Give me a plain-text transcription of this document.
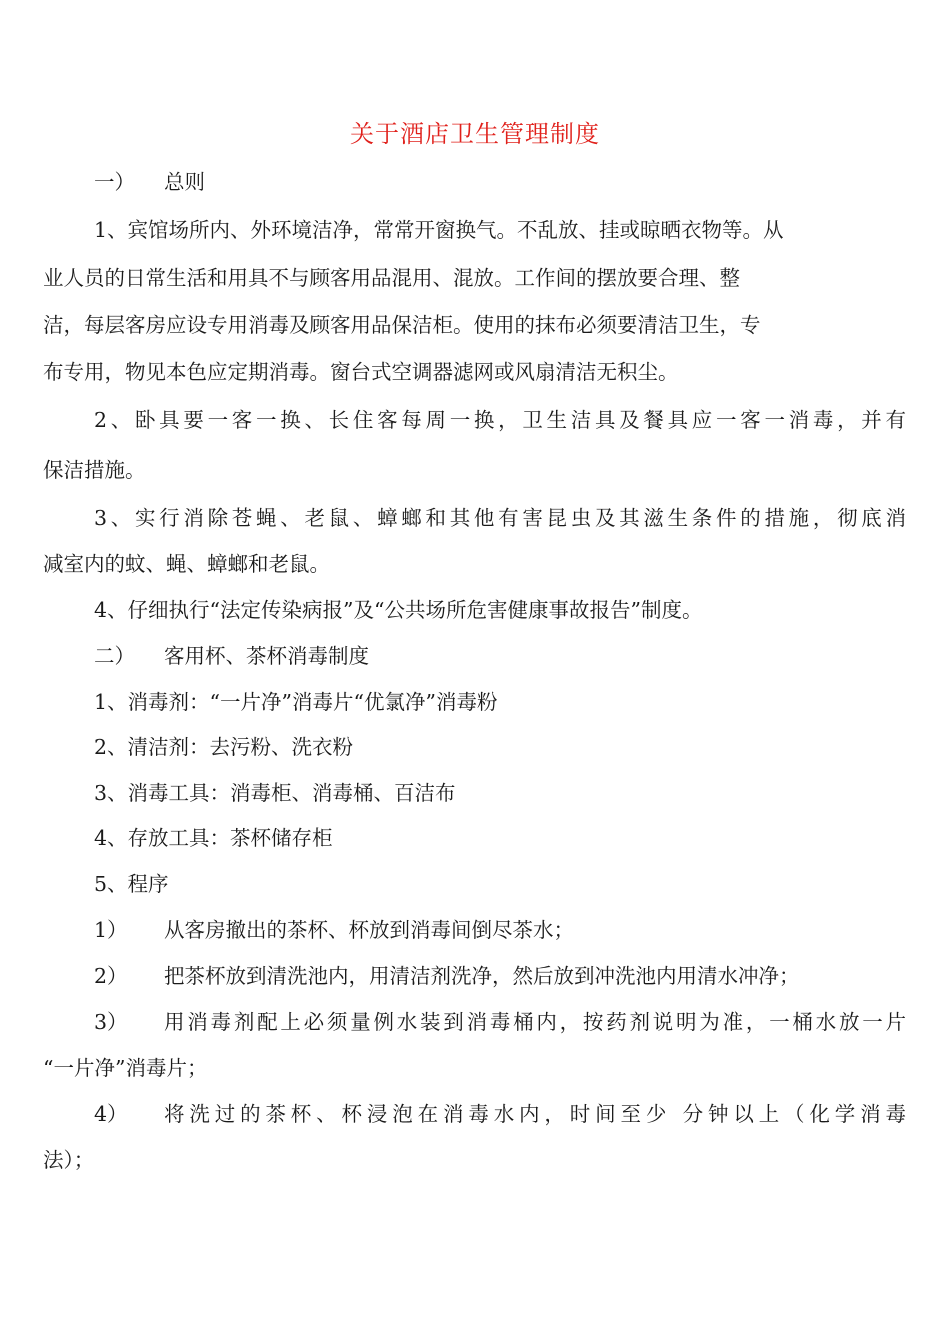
关于酒店卫生管理制度
一） 总则
1、宾馆场所内、外环境洁净，常常开窗换气。不乱放、挂或晾晒衣物等。从
业人员的日常生活和用具不与顾客用品混用、混放。工作间的摆放要合理、整
洁，每层客房应设专用消毒及顾客用品保洁柜。使用的抹布必须要清洁卫生，专
布专用，物见本色应定期消毒。窗台式空调器滤网或风扇清洁无积尘。
2、卧具要一客一换、长住客每周一换，卫生洁具及餐具应一客一消毒，并有
保洁措施。
3、实行消除苍蝇、老鼠、蟑螂和其他有害昆虫及其滋生条件的措施，彻底消
减室内的蚊、蝇、蟑螂和老鼠。
4、仔细执行“法定传染病报”及“公共场所危害健康事故报告”制度。
二） 客用杯、茶杯消毒制度
1、消毒剂：“一片净”消毒片“优氯净”消毒粉
2、清洁剂：去污粉、洗衣粉
3、消毒工具：消毒柜、消毒桶、百洁布
4、存放工具：茶杯储存柜
5、程序
1） 从客房撤出的茶杯、杯放到消毒间倒尽茶水；
2） 把茶杯放到清洗池内，用清洁剂洗净，然后放到冲洗池内用清水冲净；
3）	用消毒剂配上必须量例水装到消毒桶内，按药剂说明为准，一桶水放一片
“一片净”消毒片；
4）	将洗过的茶杯、杯浸泡在消毒水内，时间至少 分钟以上（化学消毒
法）；
